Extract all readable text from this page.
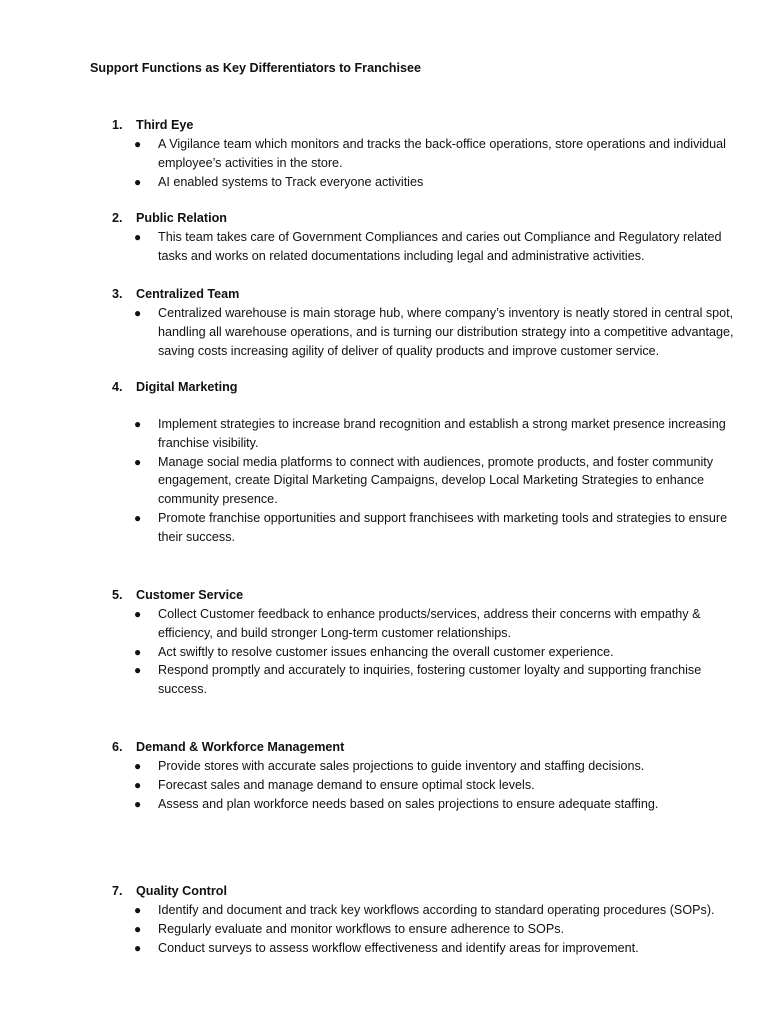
Support Functions as Key Differentiators to Franchisee
1. Third Eye
● A Vigilance team which monitors and tracks the back-office operations, store operations and individual employee’s activities in the store.
● AI enabled systems to Track everyone activities
2. Public Relation
● This team takes care of Government Compliances and caries out Compliance and Regulatory related tasks and works on related documentations including legal and administrative activities.
3. Centralized Team
● Centralized warehouse is main storage hub, where company’s inventory is neatly stored in central spot, handling all warehouse operations, and is turning our distribution strategy into a competitive advantage, saving costs increasing agility of deliver of quality products and improve customer service.
4. Digital Marketing
● Implement strategies to increase brand recognition and establish a strong market presence increasing franchise visibility.
● Manage social media platforms to connect with audiences, promote products, and foster community engagement, create Digital Marketing Campaigns, develop Local Marketing Strategies to enhance community presence.
● Promote franchise opportunities and support franchisees with marketing tools and strategies to ensure their success.
5. Customer Service
● Collect Customer feedback to enhance products/services, address their concerns with empathy & efficiency, and build stronger Long-term customer relationships.
● Act swiftly to resolve customer issues enhancing the overall customer experience.
● Respond promptly and accurately to inquiries, fostering customer loyalty and supporting franchise success.
6. Demand & Workforce Management
● Provide stores with accurate sales projections to guide inventory and staffing decisions.
● Forecast sales and manage demand to ensure optimal stock levels.
● Assess and plan workforce needs based on sales projections to ensure adequate staffing.
7. Quality Control
● Identify and document and track key workflows according to standard operating procedures (SOPs).
● Regularly evaluate and monitor workflows to ensure adherence to SOPs.
● Conduct surveys to assess workflow effectiveness and identify areas for improvement.
